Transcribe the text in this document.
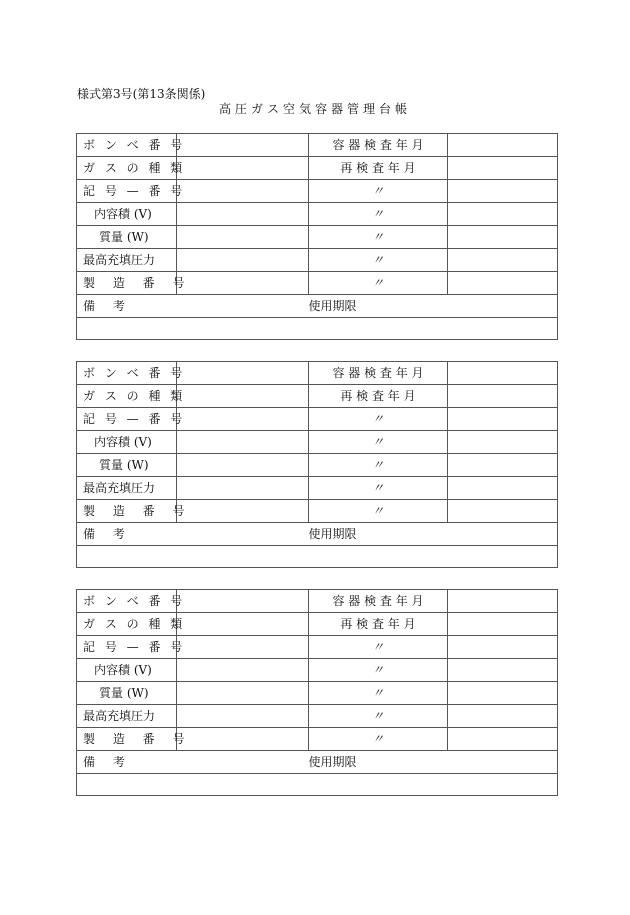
様式第3号(第13条関係)
高圧ガス空気容器管理台帳
ボ ン ベ 番 号		容 器 検 査 年 月	
ガ ス の 種 類		再 検 査 年 月	
記 号 — 番 号		〃	
内容積 (V)		〃	
質量 (W)		〃	
最高充填圧力		〃	
製 造 番 号		〃	
備 考		使用期限	

ボ ン ベ 番 号		容 器 検 査 年 月	
ガ ス の 種 類		再 検 査 年 月	
記 号 — 番 号		〃	
内容積 (V)		〃	
質量 (W)		〃	
最高充填圧力		〃	
製 造 番 号		〃	
備 考		使用期限	

ボ ン ベ 番 号		容 器 検 査 年 月	
ガ ス の 種 類		再 検 査 年 月	
記 号 — 番 号		〃	
内容積 (V)		〃	
質量 (W)		〃	
最高充填圧力		〃	
製 造 番 号		〃	
備 考		使用期限	
